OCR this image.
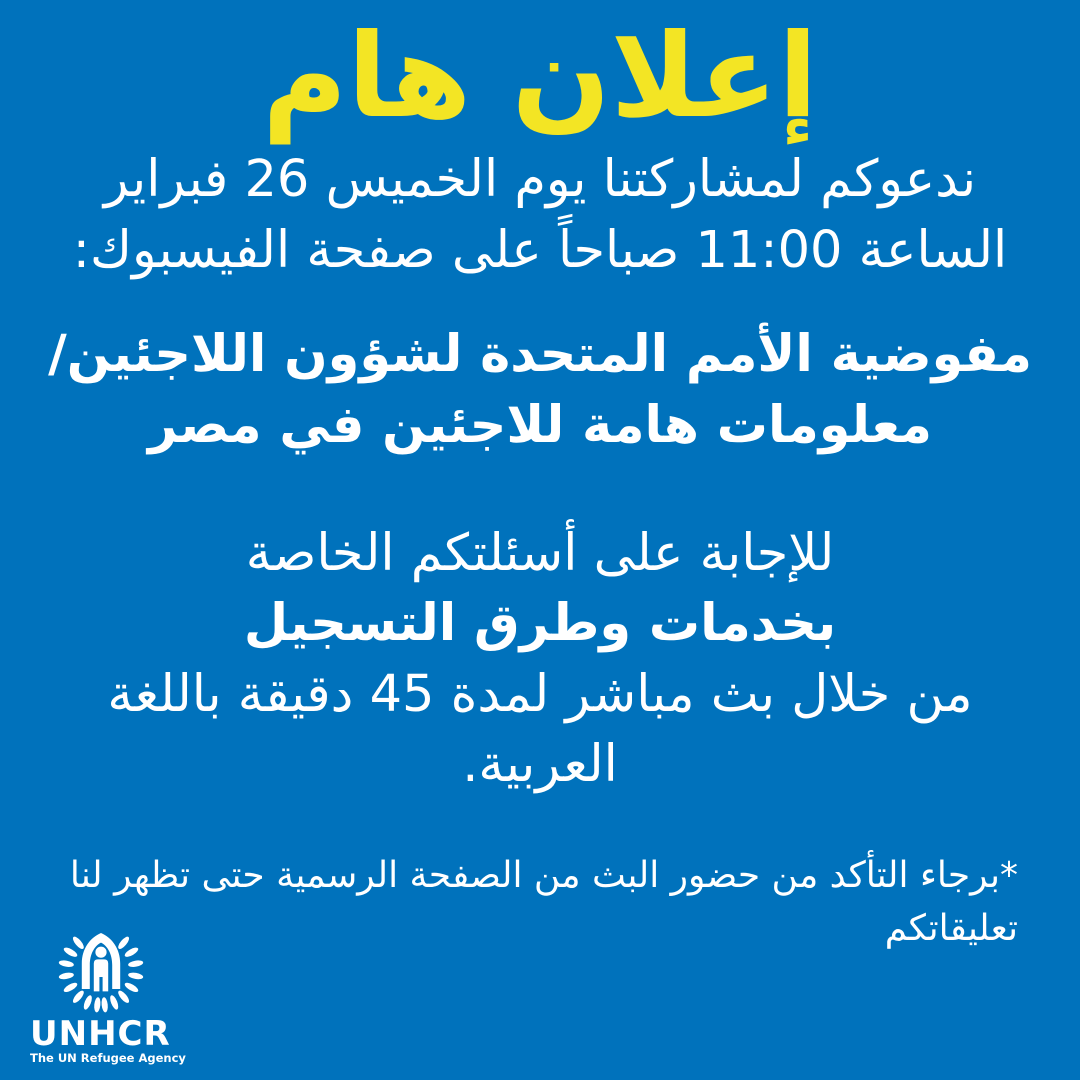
إعلان هام
ندعوكم لمشاركتنا يوم الخميس 26 فبراير
الساعة 11:00 صباحاً على صفحة الفيسبوك:
مفوضية الأمم المتحدة لشؤون اللاجئين/
معلومات هامة للاجئين في مصر
للإجابة على أسئلتكم الخاصة
بخدمات وطرق التسجيل
من خلال بث مباشر لمدة 45 دقيقة باللغة
العربية.
*برجاء التأكد من حضور البث من الصفحة الرسمية حتى تظهر لنا
تعليقاتكم
UNHCR
The UN Refugee Agency
